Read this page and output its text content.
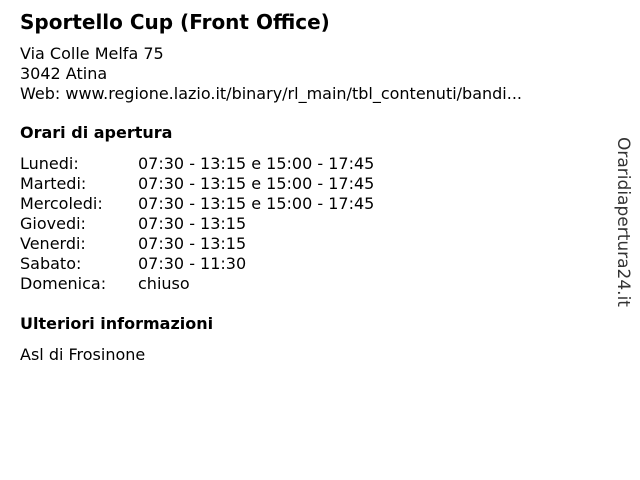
Sportello Cup (Front Office)
Via Colle Melfa 75
3042 Atina
Web: www.regione.lazio.it/binary/rl_main/tbl_contenuti/bandi...
Orari di apertura
Lunedi:	07:30 - 13:15 e 15:00 - 17:45
Martedi:	07:30 - 13:15 e 15:00 - 17:45
Mercoledi:	07:30 - 13:15 e 15:00 - 17:45
Giovedi:	07:30 - 13:15
Venerdi:	07:30 - 13:15
Sabato:	07:30 - 11:30
Domenica:	chiuso
Ulteriori informazioni
Asl di Frosinone
Oraridiapertura24.it
